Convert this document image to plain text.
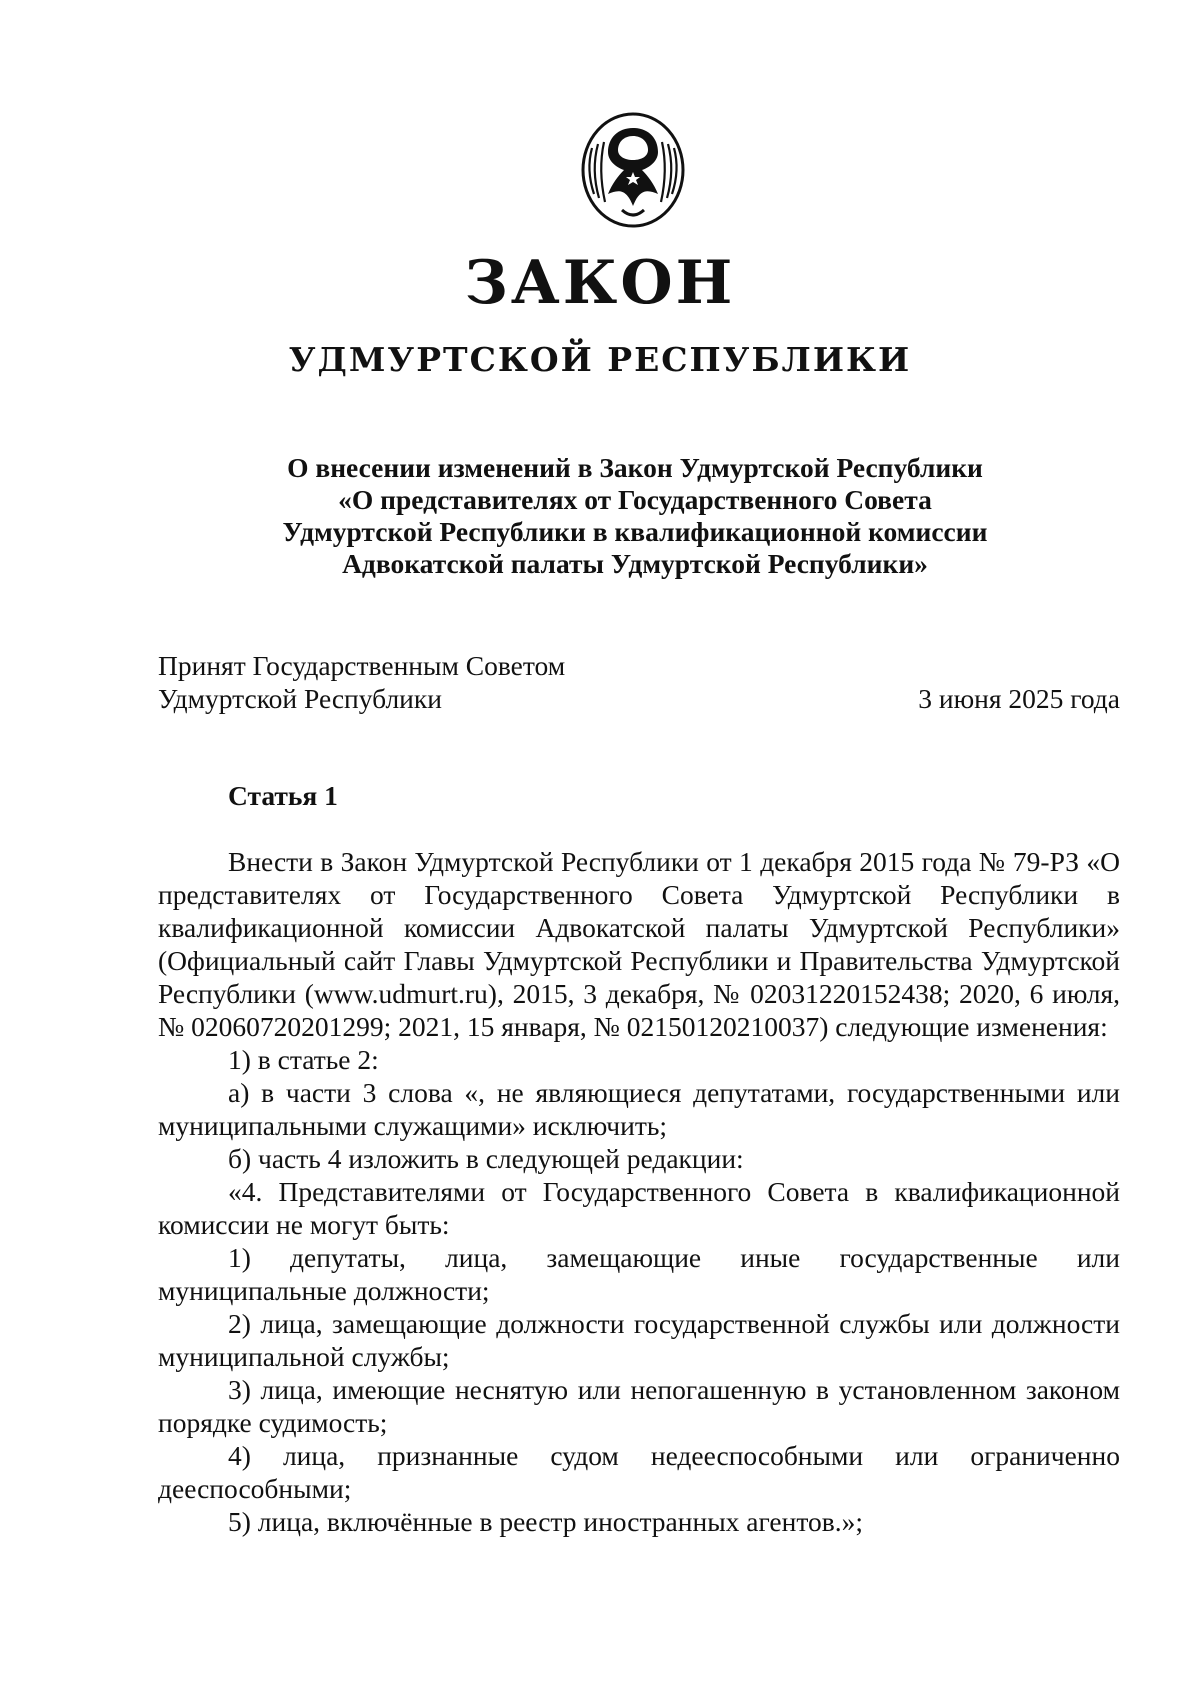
ЗАКОН
УДМУРТСКОЙ РЕСПУБЛИКИ
О внесении изменений в Закон Удмуртской Республики
«О представителях от Государственного Совета
Удмуртской Республики в квалификационной комиссии
Адвокатской палаты Удмуртской Республики»
Принят Государственным Советом
Удмуртской Республики	3 июня 2025 года
Статья 1

Внести в Закон Удмуртской Республики от 1 декабря 2015 года № 79-РЗ «О представителях от Государственного Совета Удмуртской Республики в квалификационной комиссии Адвокатской палаты Удмуртской Республики» (Официальный сайт Главы Удмуртской Республики и Правительства Удмуртской Республики (www.udmurt.ru), 2015, 3 декабря, № 02031220152438; 2020, 6 июля, № 02060720201299; 2021, 15 января, № 02150120210037) следующие изменения:

1) в статье 2:

а) в части 3 слова «, не являющиеся депутатами, государственными или муниципальными служащими» исключить;

б) часть 4 изложить в следующей редакции:

«4. Представителями от Государственного Совета в квалификационной комиссии не могут быть:

1) депутаты, лица, замещающие иные государственные или муниципальные должности;

2) лица, замещающие должности государственной службы или должности муниципальной службы;

3) лица, имеющие неснятую или непогашенную в установленном законом порядке судимость;

4) лица, признанные судом недееспособными или ограниченно дееспособными;

5) лица, включённые в реестр иностранных агентов.»;
